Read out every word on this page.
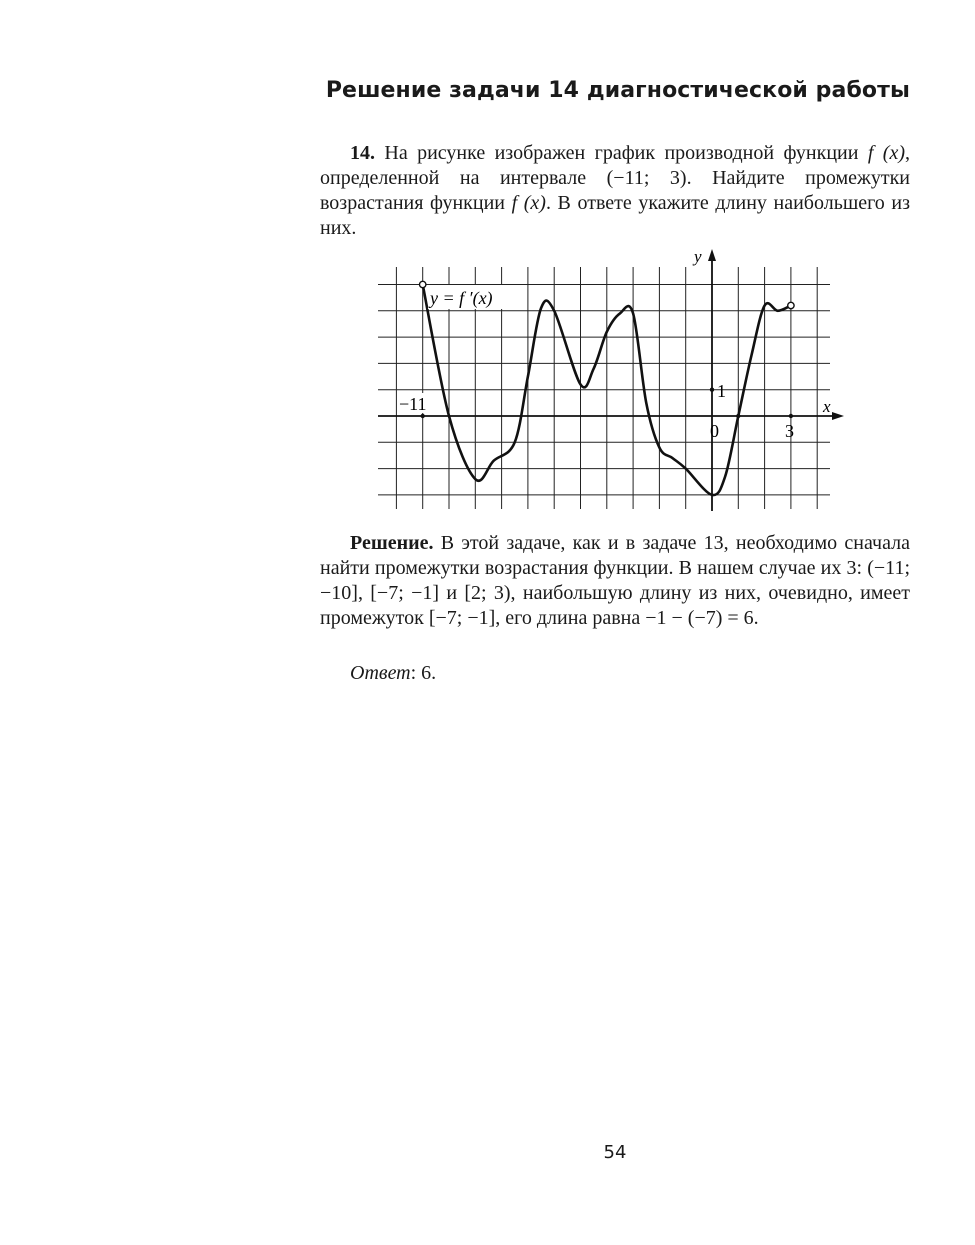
Решение задачи 14 диагностической работы
14. На рисунке изображен график производной функции f (x), определенной на интервале (−11; 3). Найдите промежутки возрастания функции f (x). В ответе укажите длину наибольшего из них.
y = f ′(x)
x
y
−11
0	3
1
Решение. В этой задаче, как и в задаче 13, необходимо сначала найти промежутки возрастания функции. В нашем случае их 3: (−11; −10], [−7; −1] и [2; 3), наибольшую длину из них, очевидно, имеет промежуток [−7; −1], его длина равна −1 − (−7) = 6.
Ответ: 6.
54
